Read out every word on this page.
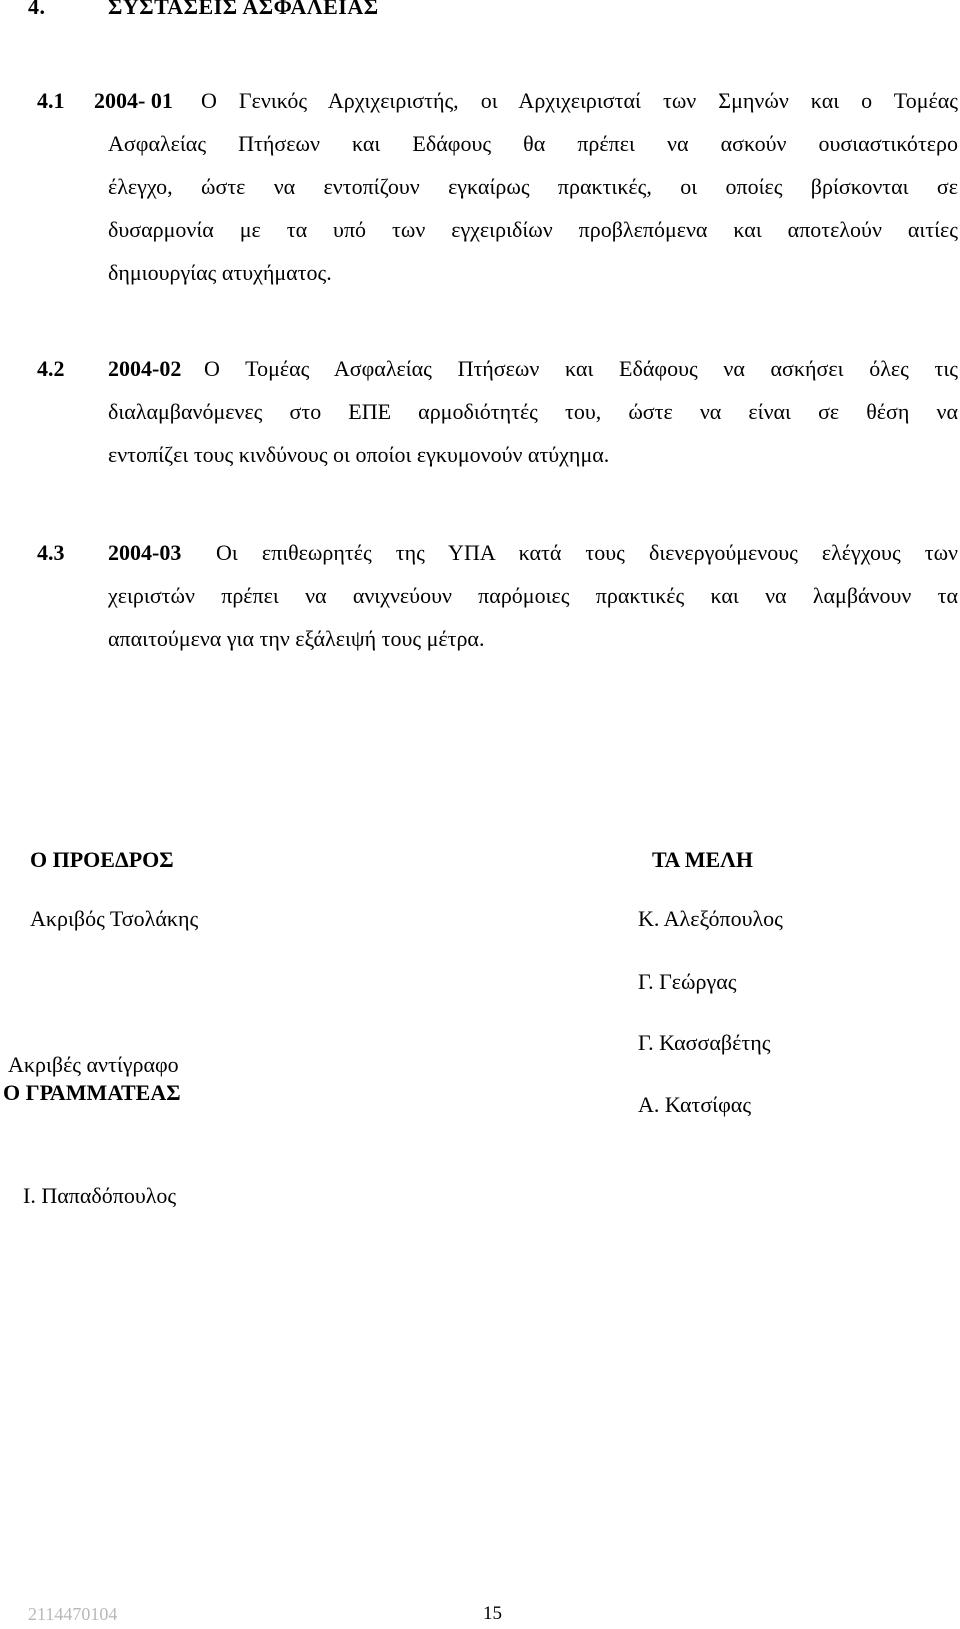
4.	ΣΥΣΤΑΣΕΙΣ ΑΣΦΑΛΕΙΑΣ
4.1 2004- 01 Ο Γενικός Αρχιχειριστής, οι Αρχιχειρισταί των Σμηνών και ο Τομέας
Ασφαλείας Πτήσεων και Εδάφους θα πρέπει να ασκούν ουσιαστικότερο
έλεγχο, ώστε να εντοπίζουν εγκαίρως πρακτικές, οι οποίες βρίσκονται σε
δυσαρμονία με τα υπό των εγχειριδίων προβλεπόμενα και αποτελούν αιτίες
δημιουργίας ατυχήματος.
4.2 2004-02 Ο Τομέας Ασφαλείας Πτήσεων και Εδάφους να ασκήσει όλες τις
διαλαμβανόμενες στο ΕΠΕ αρμοδιότητές του, ώστε να είναι σε θέση να
εντοπίζει τους κινδύνους οι οποίοι εγκυμονούν ατύχημα.
4.3 2004-03 Οι επιθεωρητές της ΥΠΑ κατά τους διενεργούμενους ελέγχους των
χειριστών πρέπει να ανιχνεύουν παρόμοιες πρακτικές και να λαμβάνουν τα
απαιτούμενα για την εξάλειψή τους μέτρα.
Ο ΠΡΟΕΔΡΟΣ
Ακριβός Τσολάκης
ΤΑ ΜΕΛΗ
Κ. Αλεξόπουλος
Γ. Γεώργας
Γ. Κασσαβέτης
Α. Κατσίφας
Ακριβές αντίγραφο
Ο ΓΡΑΜΜΑΤΕΑΣ
Ι. Παπαδόπουλος
2114470104	15
